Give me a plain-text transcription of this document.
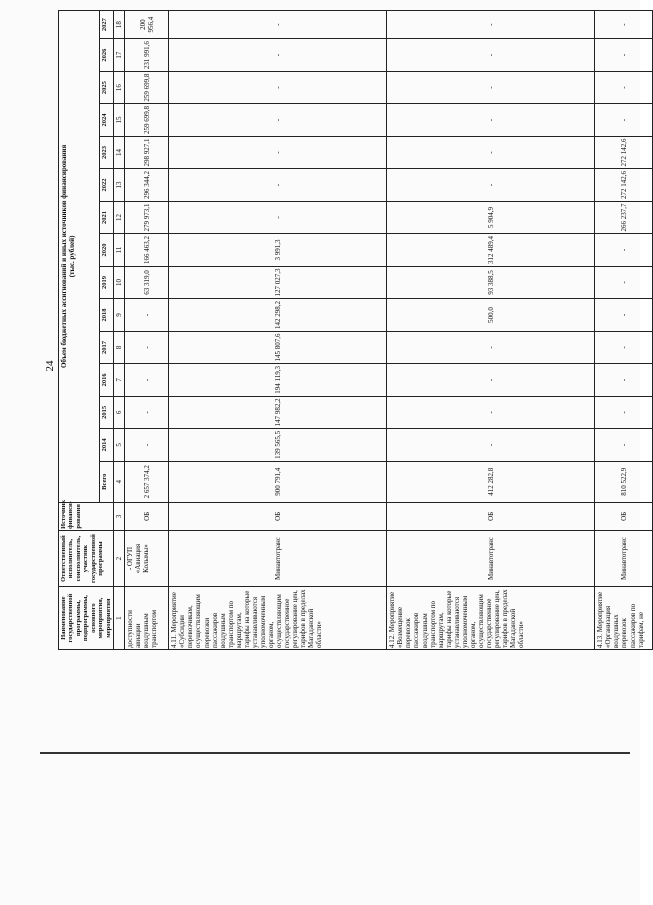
24
Наименование государственной программы, подпрограммы, основного мероприятия, мероприятия	Ответственный исполнитель, соисполнитель, участник государственной программы	Источник финанси-рования	Объем бюджетных ассигнований и иных источников финансирования
(тыс. рублей)														
			Всего	2014	2015	2016	2017	2018	2019	2020	2021	2022	2023	2024	2025	2026	2027
1	2	3	4	5	6	7	8	9	10	11	12	13	14	15	16	17	18
доступности авиации воздушным транспортом	- ОГУП «Авиация Колымы»	ОБ	2 657 374,2	-	-	-	-	-	63 319,0	166 463,2	279 973,1	296 344,2	298 927,1	259 699,8	259 699,8	231 991,6	200 956,4
4.11. Мероприятие «Субсидии перевозчикам, осуществляющим перевозки пассажиров воздушным транспортом по маршрутам, тарифы на которые устанавливаются уполномоченным органом, осуществляющим государственное регулирование цен, тарифов в пределах Магаданской области»	Минавтотранс	ОБ	900 791,4	139 565,5	147 982,2	194 119,3	145 807,6	142 298,2	127 027,3	3 991,3	-	-	-	-	-	-	-
4.12. Мероприятие «Возмещение перевозок пассажиров воздушным транспортом по маршрутам, тарифы на которые устанавливаются уполномоченным органом, осуществляющим государственное регулирование цен, тарифов в пределах Магаданской области»	Минавтотранс	ОБ	412 282,8	-	-	-	-	500,0	93 388,5	312 489,4	5 904,9	-	-	-	-	-	-
4.13. Мероприятие «Организация воздушных перевозок пассажиров по тарифам, не	Минавтотранс	ОБ	810 522,9	-	-	-	-	-	-	-	266 237,7	272 142,6	272 142,6	-	-	-	-
